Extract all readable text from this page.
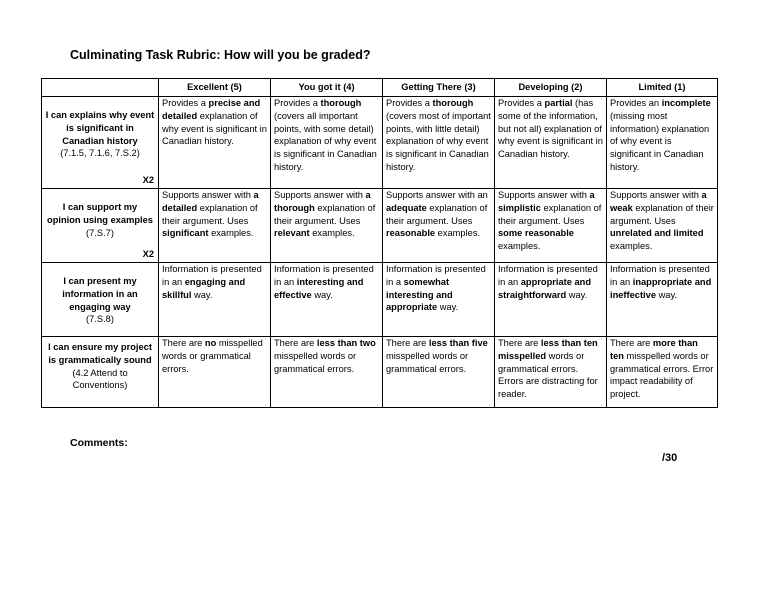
Culminating Task Rubric: How will you be graded?
	Excellent (5)	You got it (4)	Getting There (3)	Developing (2)	Limited (1)

I can explains why event is significant in Canadian history
(7.1.5, 7.1.6, 7.S.2)
X2	Provides a precise and detailed explanation of why event is significant in Canadian history.	Provides a thorough (covers all important points, with some detail) explanation of why event is significant in Canadian history.	Provides a thorough (covers most of important points, with little detail) explanation of why event is significant in Canadian history.	Provides a partial (has some of the information, but not all) explanation of why event is significant in Canadian history.	Provides an incomplete (missing most information) explanation of why event is significant in Canadian history.

I can support my opinion using examples
(7.S.7)
X2	Supports answer with a detailed explanation of their argument. Uses significant examples.	Supports answer with a thorough explanation of their argument. Uses relevant examples.	Supports answer with an adequate explanation of their argument. Uses reasonable examples.	Supports answer with a simplistic explanation of their argument. Uses some reasonable examples.	Supports answer with a weak explanation of their argument. Uses unrelated and limited examples.

I can present my information in an engaging way
(7.S.8)	Information is presented in an engaging and skillful way.	Information is presented in an interesting and effective way.	Information is presented in a somewhat interesting and appropriate way.	Information is presented in an appropriate and straightforward way.	Information is presented in an inappropriate and ineffective way.

I can ensure my project is grammatically sound
(4.2 Attend to Conventions)	There are no misspelled words or grammatical errors.	There are less than two misspelled words or grammatical errors.	There are less than five misspelled words or grammatical errors.	There are less than ten misspelled words or grammatical errors. Errors are distracting for reader.	There are more than ten misspelled words or grammatical errors. Error impact readability of project.
Comments:
/30
